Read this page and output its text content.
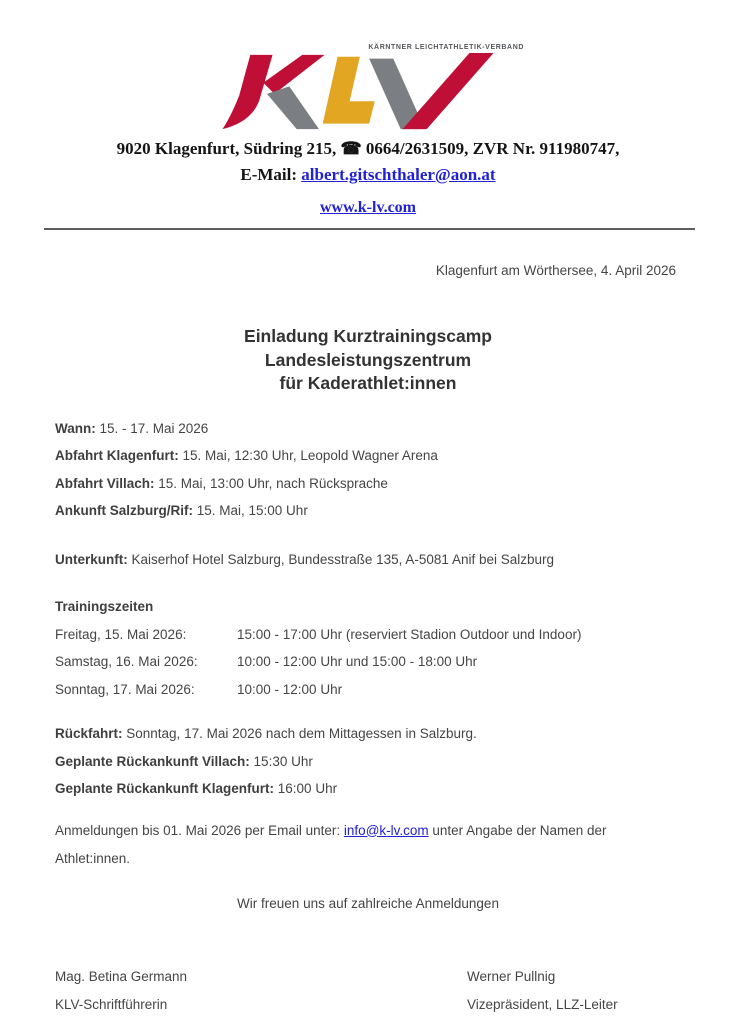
KÄRNTNER LEICHTATHLETIK-VERBAND
9020 Klagenfurt, Südring 215, ☎ 0664/2631509, ZVR Nr. 911980747,
E-Mail: albert.gitschthaler@aon.at
www.k-lv.com
Klagenfurt am Wörthersee, 4. April 2026
Einladung Kurztrainingscamp
Landesleistungszentrum
für Kaderathlet:innen
Wann: 15. - 17. Mai 2026
Abfahrt Klagenfurt: 15. Mai, 12:30 Uhr, Leopold Wagner Arena
Abfahrt Villach: 15. Mai, 13:00 Uhr, nach Rücksprache
Ankunft Salzburg/Rif: 15. Mai, 15:00 Uhr
Unterkunft: Kaiserhof Hotel Salzburg, Bundesstraße 135, A-5081 Anif bei Salzburg
Trainingszeiten
Freitag, 15. Mai 2026:	15:00 - 17:00 Uhr (reserviert Stadion Outdoor und Indoor)
Samstag, 16. Mai 2026:	10:00 - 12:00 Uhr und 15:00 - 18:00 Uhr
Sonntag, 17. Mai 2026:	10:00 - 12:00 Uhr
Rückfahrt: Sonntag, 17. Mai 2026 nach dem Mittagessen in Salzburg.
Geplante Rückankunft Villach: 15:30 Uhr
Geplante Rückankunft Klagenfurt: 16:00 Uhr
Anmeldungen bis 01. Mai 2026 per Email unter: info@k-lv.com unter Angabe der Namen der Athlet:innen.
Wir freuen uns auf zahlreiche Anmeldungen
Mag. Betina Germann
KLV-Schriftführerin
Werner Pullnig
Vizepräsident, LLZ-Leiter
